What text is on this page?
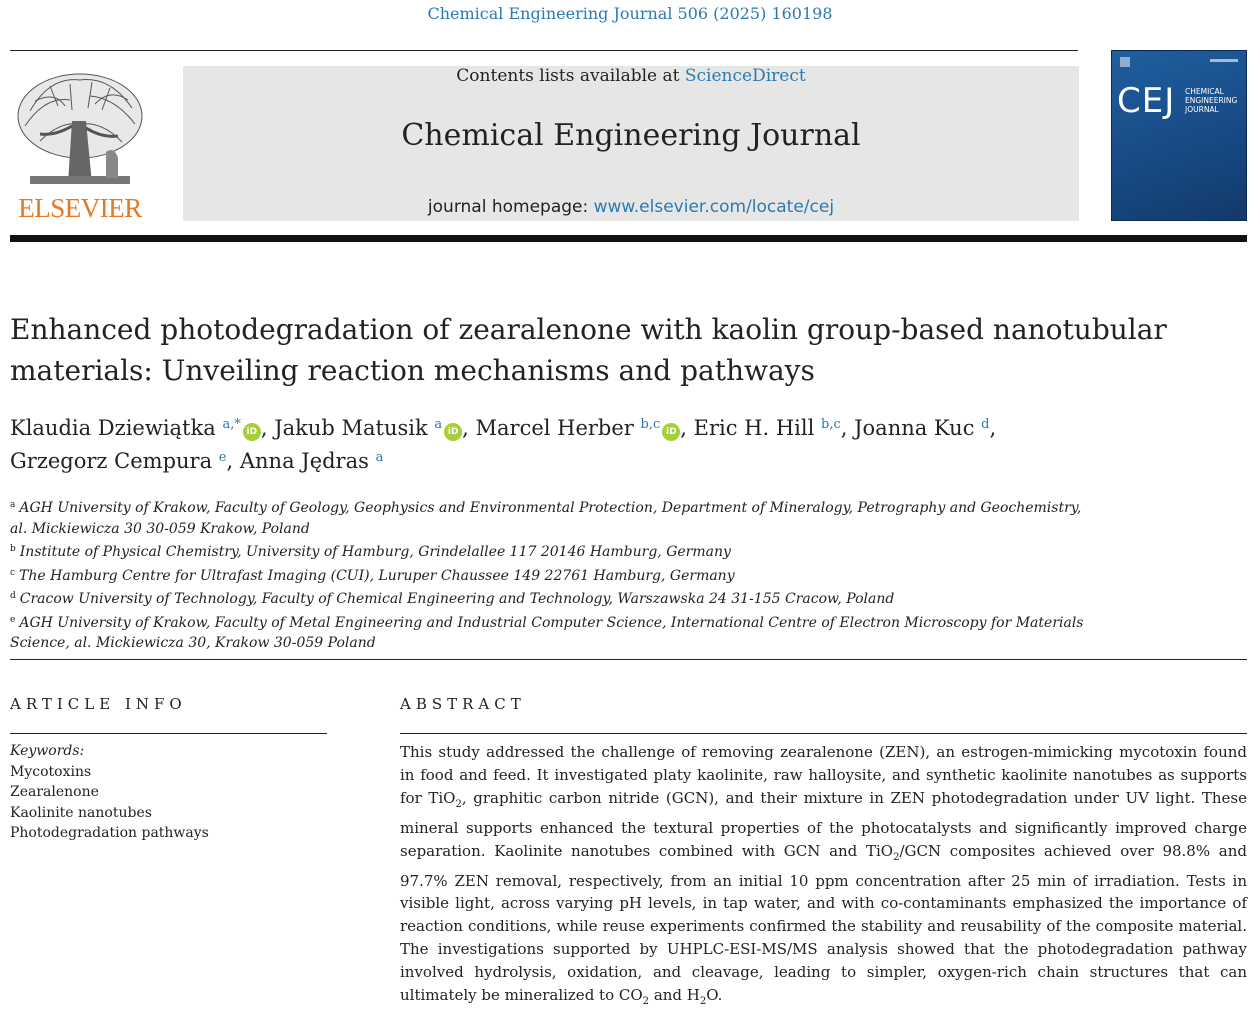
Chemical Engineering Journal 506 (2025) 160198
ELSEVIER
Contents lists available at ScienceDirect
Chemical Engineering Journal
journal homepage: www.elsevier.com/locate/cej
CEJ CHEMICAL ENGINEERING JOURNAL
Enhanced photodegradation of zearalenone with kaolin group-based nanotubular materials: Unveiling reaction mechanisms and pathways
Klaudia Dziewiątka $^{a,*}$ iD , Jakub Matusik $^a$ iD , Marcel Herber $^{b,c}$ iD , Eric H. Hill $^{b,c}$, Joanna Kuc $^d$,
Grzegorz Cempura $^e$, Anna Jędras $^a$

$^a$ AGH University of Krakow, Faculty of Geology, Geophysics and Environmental Protection, Department of Mineralogy, Petrography and Geochemistry, al. Mickiewicza 30 30-059 Krakow, Poland

$^b$ Institute of Physical Chemistry, University of Hamburg, Grindelallee 117 20146 Hamburg, Germany

$^c$ The Hamburg Centre for Ultrafast Imaging (CUI), Luruper Chaussee 149 22761 Hamburg, Germany

$^d$ Cracow University of Technology, Faculty of Chemical Engineering and Technology, Warszawska 24 31-155 Cracow, Poland

$^e$ AGH University of Krakow, Faculty of Metal Engineering and Industrial Computer Science, International Centre of Electron Microscopy for Materials Science, al. Mickiewicza 30, Krakow 30-059 Poland

ARTICLE INFO	ABSTRACT
Keywords:
Mycotoxins
Zearalenone
Kaolinite nanotubes
Photodegradation pathways

This study addressed the challenge of removing zearalenone (ZEN), an estrogen-mimicking mycotoxin found in food and feed. It investigated platy kaolinite, raw halloysite, and synthetic kaolinite nanotubes as supports for TiO$_2$, graphitic carbon nitride (GCN), and their mixture in ZEN photodegradation under UV light. These mineral supports enhanced the textural properties of the photocatalysts and significantly improved charge separation. Kaolinite nanotubes combined with GCN and TiO$_2$/GCN composites achieved over 98.8% and 97.7% ZEN removal, respectively, from an initial 10 ppm concentration after 25 min of irradiation. Tests in visible light, across varying pH levels, in tap water, and with co-contaminants emphasized the importance of reaction conditions, while reuse experiments confirmed the stability and reusability of the composite material. The investigations supported by UHPLC-ESI-MS/MS analysis showed that the photodegradation pathway involved hydrolysis, oxidation, and cleavage, leading to simpler, oxygen-rich chain structures that can ultimately be mineralized to $CO_2$ and $H_2O$.
